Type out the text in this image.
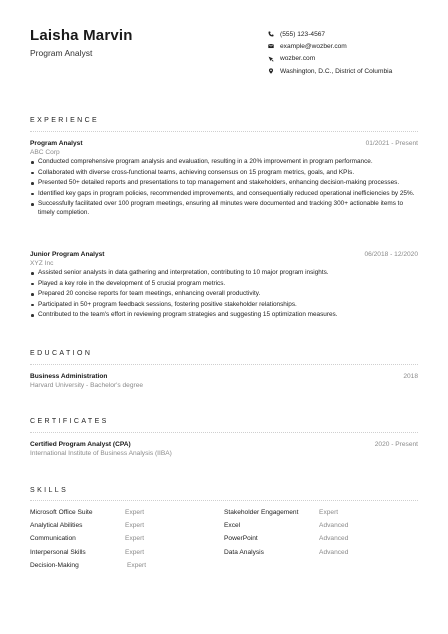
Laisha Marvin
Program Analyst
(555) 123-4567
example@wozber.com
wozber.com
Washington, D.C., District of Columbia
EXPERIENCE
Program Analyst	01/2021 - Present
ABC Corp
Conducted comprehensive program analysis and evaluation, resulting in a 20% improvement in program performance.
Collaborated with diverse cross-functional teams, achieving consensus on 15 program metrics, goals, and KPIs.
Presented 50+ detailed reports and presentations to top management and stakeholders, enhancing decision-making processes.
Identified key gaps in program policies, recommended improvements, and consequentially reduced operational inefficiencies by 25%.
Successfully facilitated over 100 program meetings, ensuring all minutes were documented and tracking 300+ actionable items to timely completion.
Junior Program Analyst	06/2018 - 12/2020
XYZ Inc
Assisted senior analysts in data gathering and interpretation, contributing to 10 major program insights.
Played a key role in the development of 5 crucial program metrics.
Prepared 20 concise reports for team meetings, enhancing overall productivity.
Participated in 50+ program feedback sessions, fostering positive stakeholder relationships.
Contributed to the team's effort in reviewing program strategies and suggesting 15 optimization measures.
EDUCATION
Business Administration	2018
Harvard University - Bachelor's degree
CERTIFICATES
Certified Program Analyst (CPA)	2020 - Present
International Institute of Business Analysis (IIBA)
SKILLS
Microsoft Office Suite	Expert	Stakeholder Engagement	Expert
Analytical Abilities	Expert	Excel	Advanced
Communication	Expert	PowerPoint	Advanced
Interpersonal Skills	Expert	Data Analysis	Advanced
Decision-Making	Expert
